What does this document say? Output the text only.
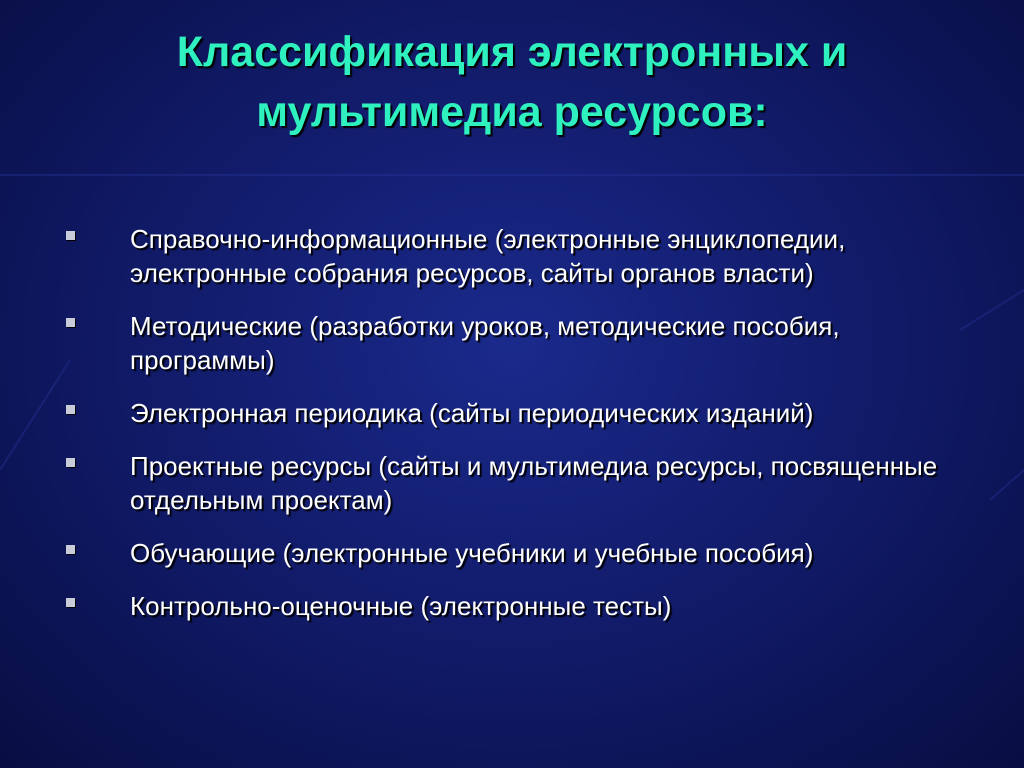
Классификация электронных и мультимедиа ресурсов:
Справочно-информационные (электронные энциклопедии, электронные собрания ресурсов, сайты органов власти)
Методические (разработки уроков, методические пособия, программы)
Электронная периодика (сайты периодических изданий)
Проектные ресурсы (сайты и мультимедиа ресурсы, посвященные отдельным проектам)
Обучающие (электронные учебники и учебные пособия)
Контрольно-оценочные (электронные тесты)
